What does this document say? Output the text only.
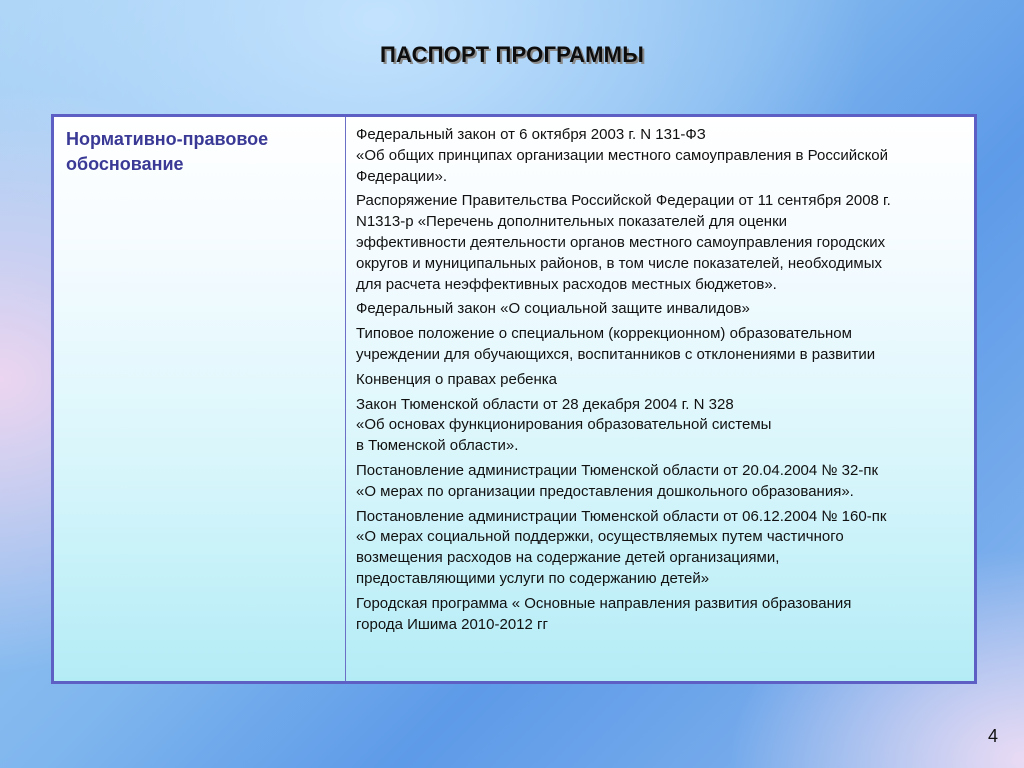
ПАСПОРТ ПРОГРАММЫ
Нормативно-правовое обоснование
Федеральный закон от 6 октября 2003 г. N 131-ФЗ
«Об общих принципах организации местного самоуправления в Российской
Федерации».
Распоряжение Правительства Российской Федерации от 11 сентября 2008 г.
N1313-р «Перечень дополнительных показателей для оценки
эффективности деятельности органов местного самоуправления городских
округов и муниципальных районов, в том числе показателей, необходимых
для расчета неэффективных расходов местных бюджетов».
Федеральный закон «О социальной защите инвалидов»
Типовое положение о специальном (коррекционном) образовательном
учреждении для обучающихся, воспитанников с отклонениями в развитии
Конвенция о правах ребенка
Закон Тюменской области от 28 декабря 2004 г. N 328
«Об основах функционирования образовательной системы
в Тюменской области».
Постановление администрации Тюменской области от 20.04.2004 № 32-пк
«О мерах по организации предоставления дошкольного образования».
Постановление администрации Тюменской области от 06.12.2004 № 160-пк
«О мерах социальной поддержки, осуществляемых путем частичного
возмещения расходов на содержание детей организациями,
предоставляющими услуги по содержанию детей»
Городская программа « Основные направления развития образования
города Ишима 2010-2012 гг
4
